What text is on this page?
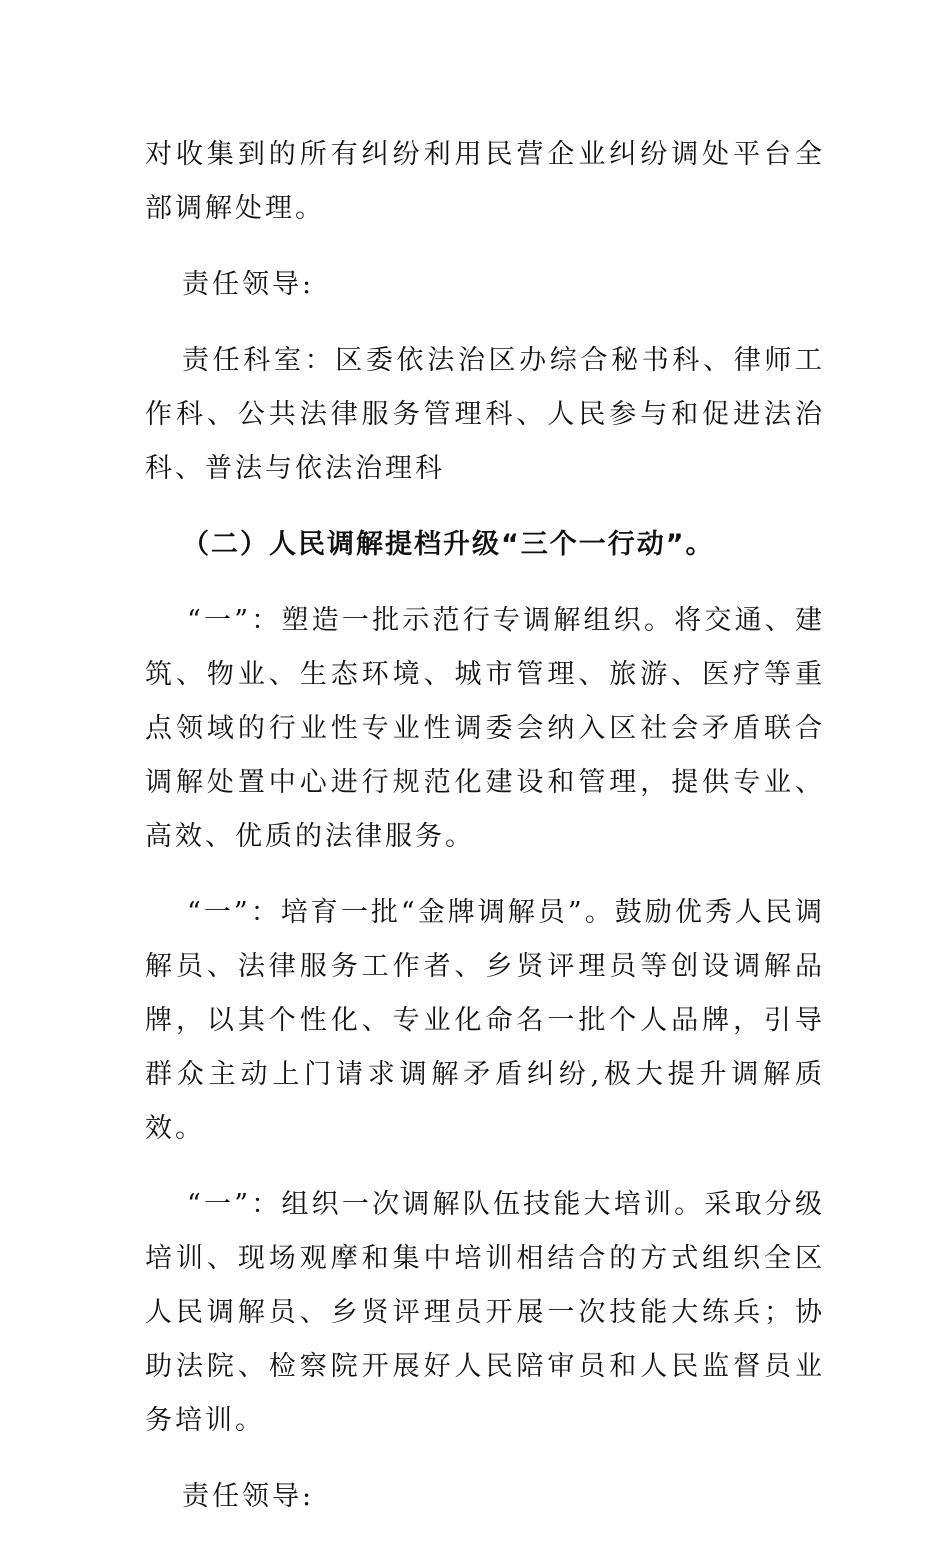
对收集到的所有纠纷利用民营企业纠纷调处平台全部调解处理。

责任领导:

责任科室：区委依法治区办综合秘书科、律师工作科、公共法律服务管理科、人民参与和促进法治科、普法与依法治理科

（二）人民调解提档升级“三个一行动”。

“一”：塑造一批示范行专调解组织。将交通、建筑、物业、生态环境、城市管理、旅游、医疗等重点领域的行业性专业性调委会纳入区社会矛盾联合调解处置中心进行规范化建设和管理，提供专业、高效、优质的法律服务。

“一”：培育一批“金牌调解员”。鼓励优秀人民调解员、法律服务工作者、乡贤评理员等创设调解品牌，以其个性化、专业化命名一批个人品牌，引导群众主动上门请求调解矛盾纠纷,极大提升调解质效。

“一”：组织一次调解队伍技能大培训。采取分级培训、现场观摩和集中培训相结合的方式组织全区人民调解员、乡贤评理员开展一次技能大练兵；协助法院、检察院开展好人民陪审员和人民监督员业务培训。

责任领导:
